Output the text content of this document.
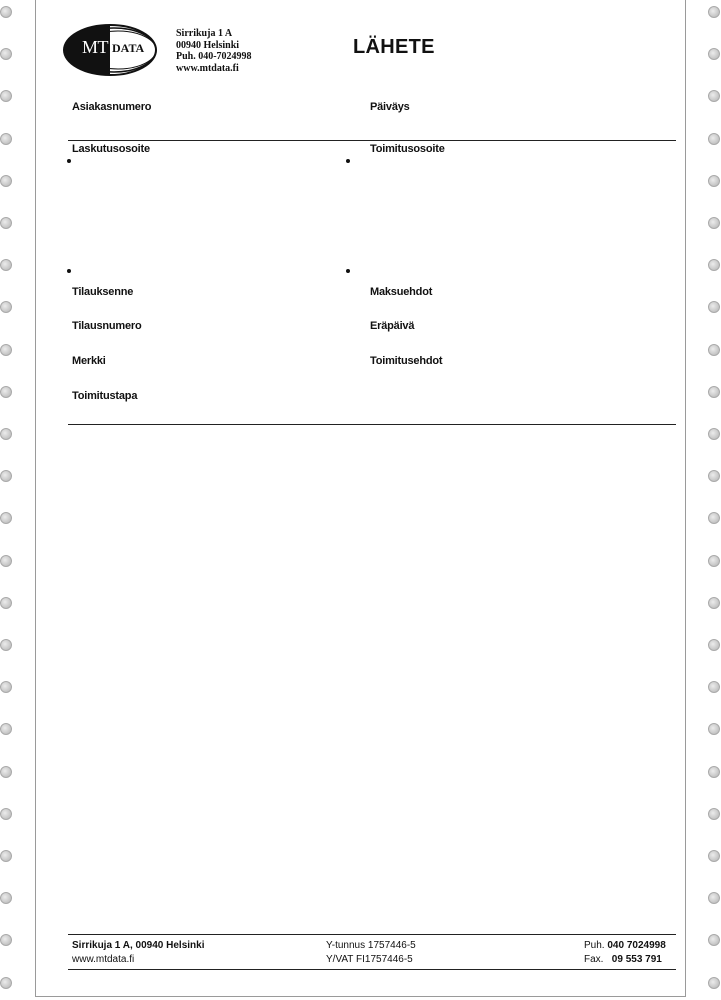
MT DATA
Sirrikuja 1 A
00940 Helsinki
Puh. 040-7024998
www.mtdata.fi
LÄHETE
Asiakasnumero	Päiväys
Laskutusosoite	Toimitusosoite
Tilauksenne	Maksuehdot
Tilausnumero	Eräpäivä
Merkki	Toimitusehdot
Toimitustapa
Sirrikuja 1 A, 00940 Helsinki
www.mtdata.fi
Y-tunnus 1757446-5
Y/VAT FI1757446-5
Puh. 040 7024998
Fax. 09 553 791
